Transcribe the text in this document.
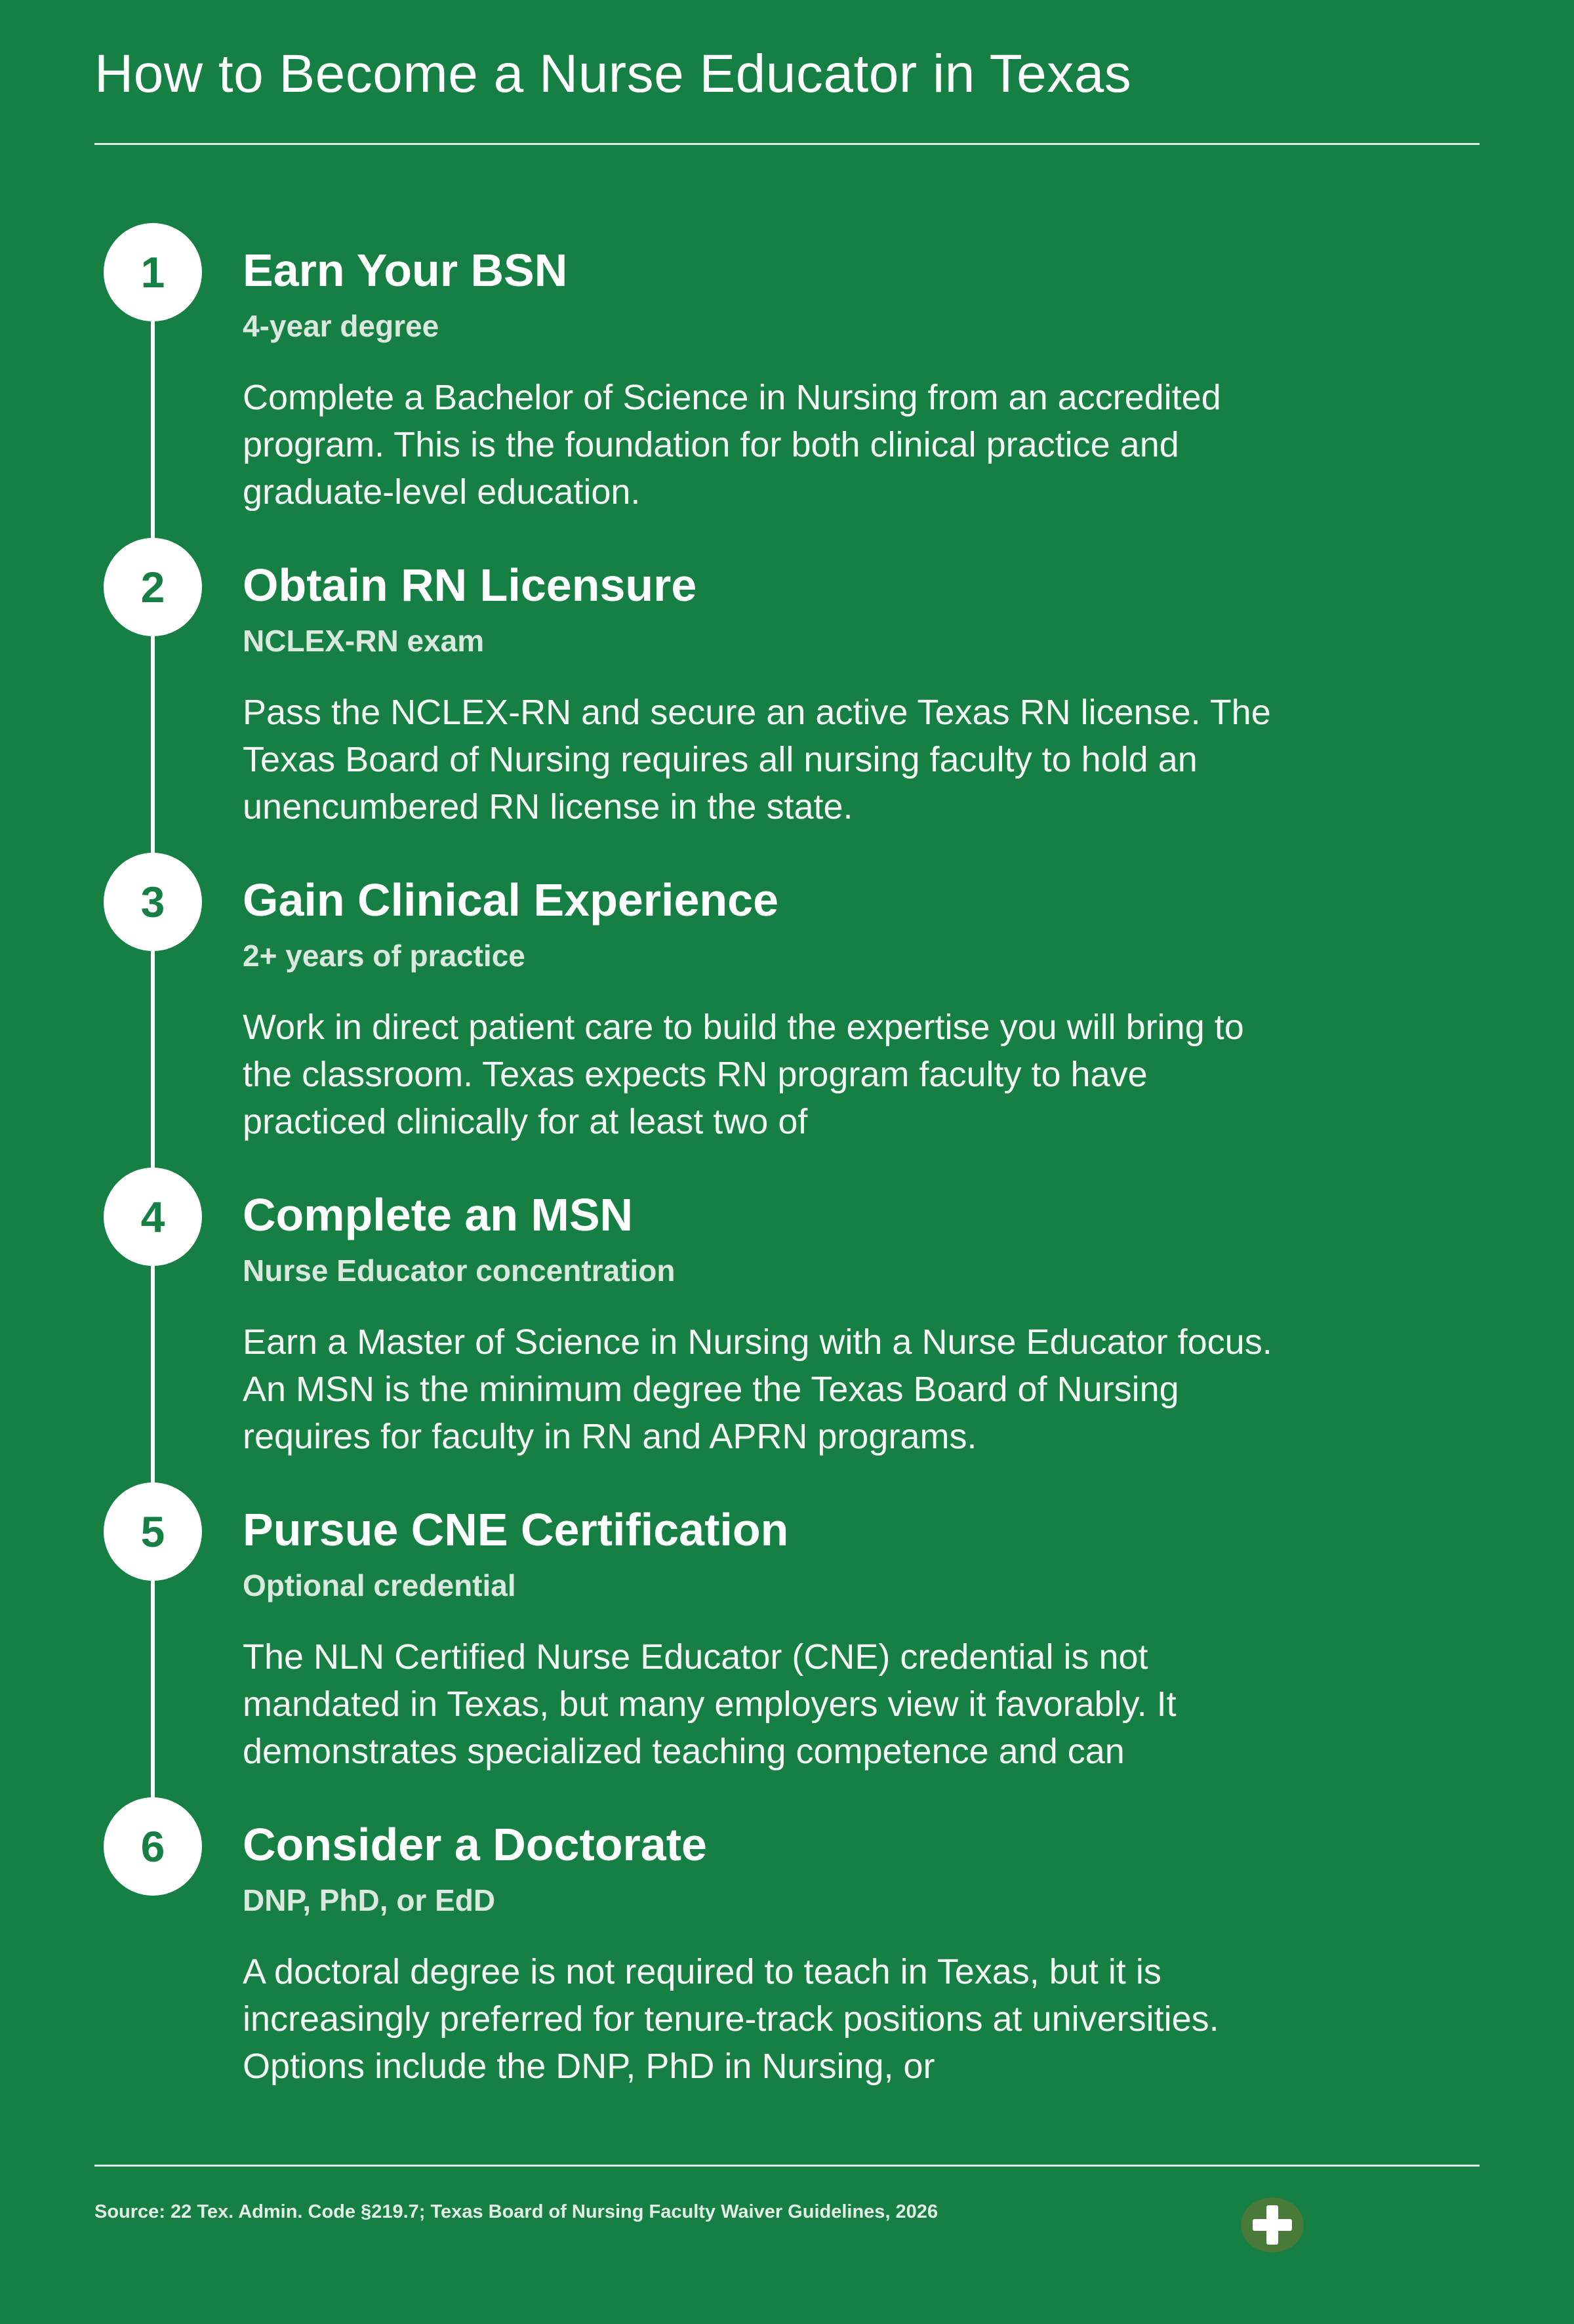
How to Become a Nurse Educator in Texas
1	Earn Your BSN
4-year degree

Complete a Bachelor of Science in Nursing from an accredited program. This is the foundation for both clinical practice and graduate-level education.

2	Obtain RN Licensure
NCLEX-RN exam

Pass the NCLEX-RN and secure an active Texas RN license. The Texas Board of Nursing requires all nursing faculty to hold an unencumbered RN license in the state.

3	Gain Clinical Experience
2+ years of practice

Work in direct patient care to build the expertise you will bring to the classroom. Texas expects RN program faculty to have practiced clinically for at least two of

4	Complete an MSN
Nurse Educator concentration

Earn a Master of Science in Nursing with a Nurse Educator focus. An MSN is the minimum degree the Texas Board of Nursing requires for faculty in RN and APRN programs.

5	Pursue CNE Certification
Optional credential

The NLN Certified Nurse Educator (CNE) credential is not mandated in Texas, but many employers view it favorably. It demonstrates specialized teaching competence and can

6	Consider a Doctorate
DNP, PhD, or EdD

A doctoral degree is not required to teach in Texas, but it is increasingly preferred for tenure-track positions at universities. Options include the DNP, PhD in Nursing, or

Source: 22 Tex. Admin. Code §219.7; Texas Board of Nursing Faculty Waiver Guidelines, 2026
